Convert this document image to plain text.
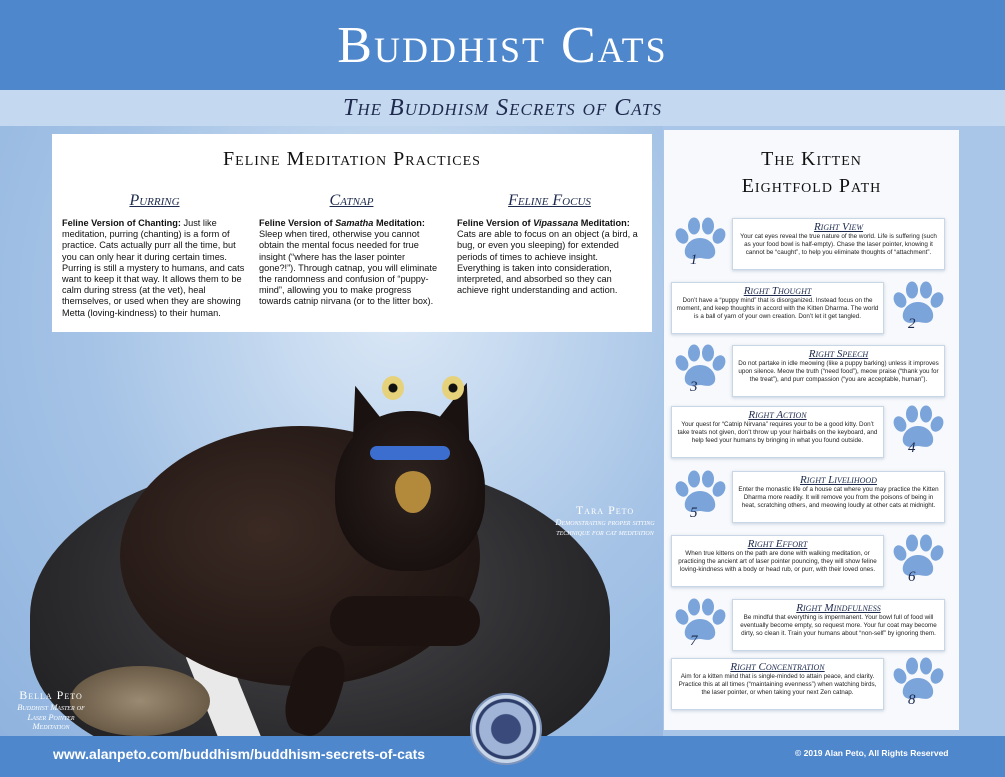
Buddhist Cats
The Buddhism Secrets of Cats
Feline Meditation Practices
Purring

Feline Version of Chanting: Just like meditation, purring (chanting) is a form of practice. Cats actually purr all the time, but you can only hear it during certain times. Purring is still a mystery to humans, and cats want to keep it that way. It allows them to be calm during stress (at the vet), heal themselves, or used when they are showing Metta (loving-kindness) to their human.

Catnap

Feline Version of Samatha Meditation:
Sleep when tired, otherwise you cannot obtain the mental focus needed for true insight (“where has the laser pointer gone?!”). Through catnap, you will eliminate the randomness and confusion of “puppy-mind”, allowing you to make progress towards catnip nirvana (or to the litter box).

Feline Focus

Feline Version of Vipassana Meditation:
Cats are able to focus on an object (a bird, a bug, or even you sleeping) for extended periods of times to achieve insight. Everything is taken into consideration, interpreted, and absorbed so they can achieve right understanding and action.

Tara Peto
Demonstrating proper sitting technique for cat meditation
Bella Peto
Buddhist Master of Laser Pointer Meditation
The Kitten
Eightfold Path
Right View

Your cat eyes reveal the true nature of the world. Life is suffering (such as your food bowl is half-empty). Chase the laser pointer, knowing it cannot be “caught”, to help you eliminate thoughts of “attachment”.

1
Right Thought

Don’t have a “puppy mind” that is disorganized. Instead focus on the moment, and keep thoughts in accord with the Kitten Dharma. The world is a ball of yarn of your own creation. Don’t let it get tangled.	2
Right Speech

Do not partake in idle meowing (like a puppy barking) unless it improves upon silence. Meow the truth (“need food”), meow praise (“thank you for the treat”), and purr compassion (“you are acceptable, human”).

3
Right Action

Your quest for “Catnip Nirvana” requires your to be a good kitty. Don’t take treats not given, don’t throw up your hairballs on the keyboard, and help feed your humans by bringing in what you found outside.	4
Right Livelihood

Enter the monastic life of a house cat where you may practice the Kitten Dharma more readily. It will remove you from the poisons of being in heat, scratching others, and meowing loudly at other cats at midnight.

5
Right Effort

When true kittens on the path are done with walking meditation, or practicing the ancient art of laser pointer pouncing, they will show feline loving-kindness with a body or head rub, or purr, with their loved ones. 6
Right Mindfulness

Be mindful that everything is impermanent. Your bowl full of food will eventually become empty, so request more. Your fur coat may become dirty, so clean it. Train your humans about “non-self” by ignoring them.

7
Right Concentration

Aim for a kitten mind that is single-minded to attain peace, and clarity. Practice this at all times (“maintaining evenness”) when watching birds, the laser pointer, or when taking your next Zen catnap.	8
www.alanpeto.com/buddhism/buddhism-secrets-of-cats	© 2019 Alan Peto, All Rights Reserved
